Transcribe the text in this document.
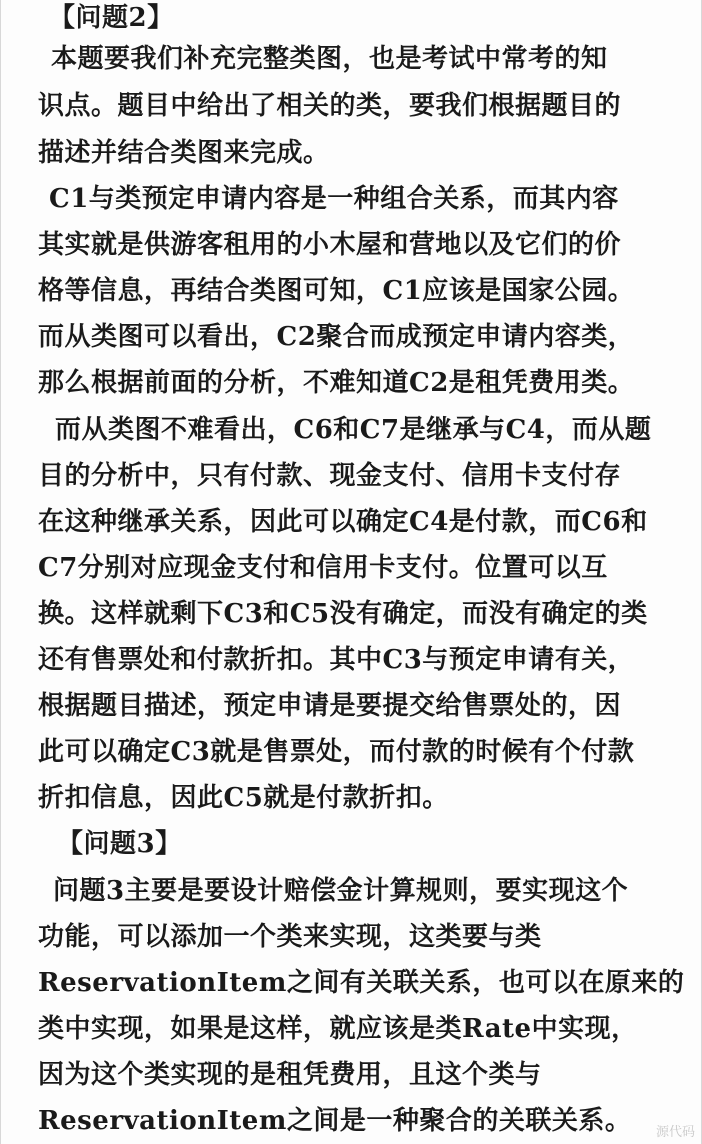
【问题2】
本题要我们补充完整类图，也是考试中常考的知
识点。题目中给出了相关的类，要我们根据题目的
描述并结合类图来完成。
C1与类预定申请内容是一种组合关系，而其内容
其实就是供游客租用的小木屋和营地以及它们的价
格等信息，再结合类图可知，C1应该是国家公园。
而从类图可以看出，C2聚合而成预定申请内容类，
那么根据前面的分析，不难知道C2是租凭费用类。
而从类图不难看出，C6和C7是继承与C4，而从题
目的分析中，只有付款、现金支付、信用卡支付存
在这种继承关系，因此可以确定C4是付款，而C6和
C7分别对应现金支付和信用卡支付。位置可以互
换。这样就剩下C3和C5没有确定，而没有确定的类
还有售票处和付款折扣。其中C3与预定申请有关，
根据题目描述，预定申请是要提交给售票处的，因
此可以确定C3就是售票处，而付款的时候有个付款
折扣信息，因此C5就是付款折扣。
【问题3】
问题3主要是要设计赔偿金计算规则，要实现这个
功能，可以添加一个类来实现，这类要与类
ReservationItem之间有关联关系，也可以在原来的
类中实现，如果是这样，就应该是类Rate中实现，
因为这个类实现的是租凭费用，且这个类与
ReservationItem之间是一种聚合的关联关系。 源代码
